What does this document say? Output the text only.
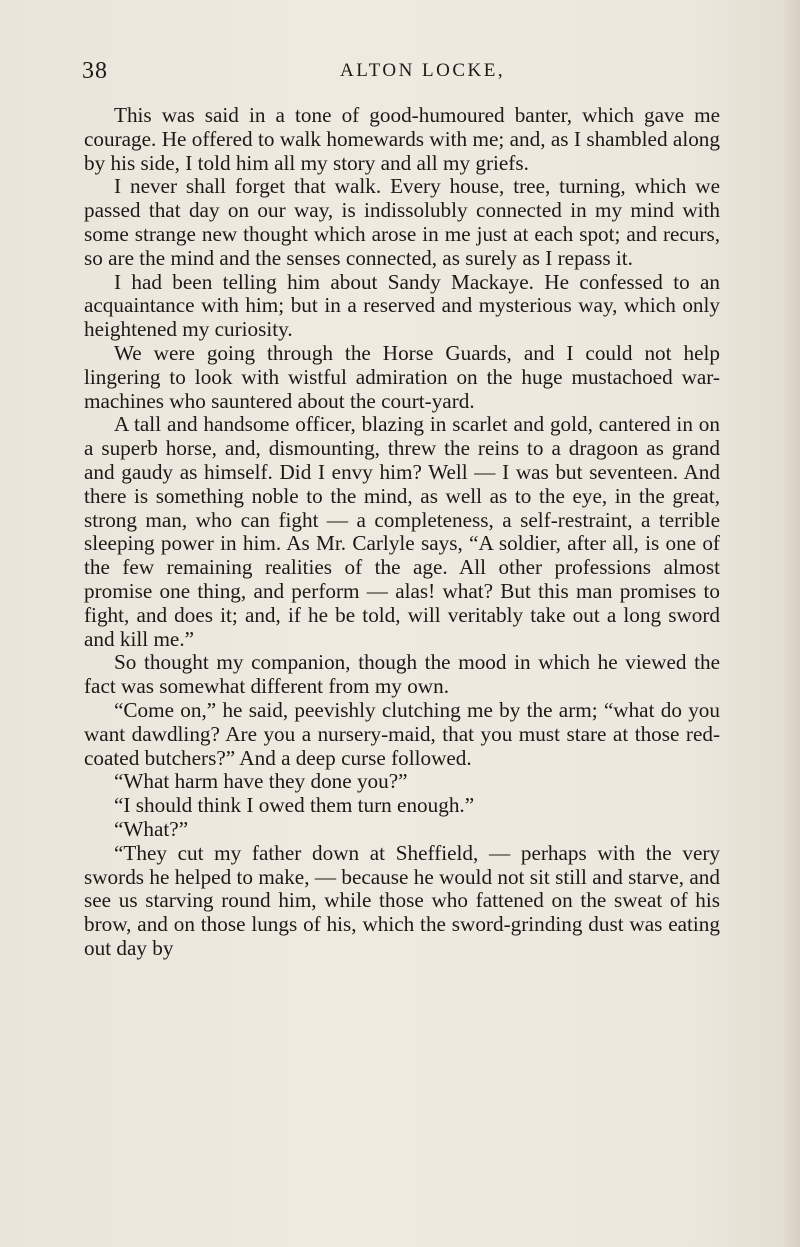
38	ALTON LOCKE,

This was said in a tone of good-humoured banter, which gave me courage. He offered to walk homewards with me; and, as I shambled along by his side, I told him all my story and all my griefs.

I never shall forget that walk. Every house, tree, turning, which we passed that day on our way, is indissolubly connected in my mind with some strange new thought which arose in me just at each spot; and recurs, so are the mind and the senses connected, as surely as I repass it.

I had been telling him about Sandy Mackaye. He confessed to an acquaintance with him; but in a reserved and mysterious way, which only heightened my curiosity.

We were going through the Horse Guards, and I could not help lingering to look with wistful admiration on the huge mustachoed war-machines who sauntered about the court-yard.

A tall and handsome officer, blazing in scarlet and gold, cantered in on a superb horse, and, dismounting, threw the reins to a dragoon as grand and gaudy as himself. Did I envy him? Well — I was but seventeen. And there is something noble to the mind, as well as to the eye, in the great, strong man, who can fight — a completeness, a self-restraint, a terrible sleeping power in him. As Mr. Carlyle says, “A soldier, after all, is one of the few remaining realities of the age. All other professions almost promise one thing, and perform — alas! what? But this man promises to fight, and does it; and, if he be told, will veritably take out a long sword and kill me.”

So thought my companion, though the mood in which he viewed the fact was somewhat different from my own.

“Come on,” he said, peevishly clutching me by the arm; “what do you want dawdling? Are you a nursery-maid, that you must stare at those red-coated butchers?” And a deep curse followed.

“What harm have they done you?”

“I should think I owed them turn enough.”

“What?”

“They cut my father down at Sheffield, — perhaps with the very swords he helped to make, — because he would not sit still and starve, and see us starving round him, while those who fattened on the sweat of his brow, and on those lungs of his, which the sword-grinding dust was eating out day by
